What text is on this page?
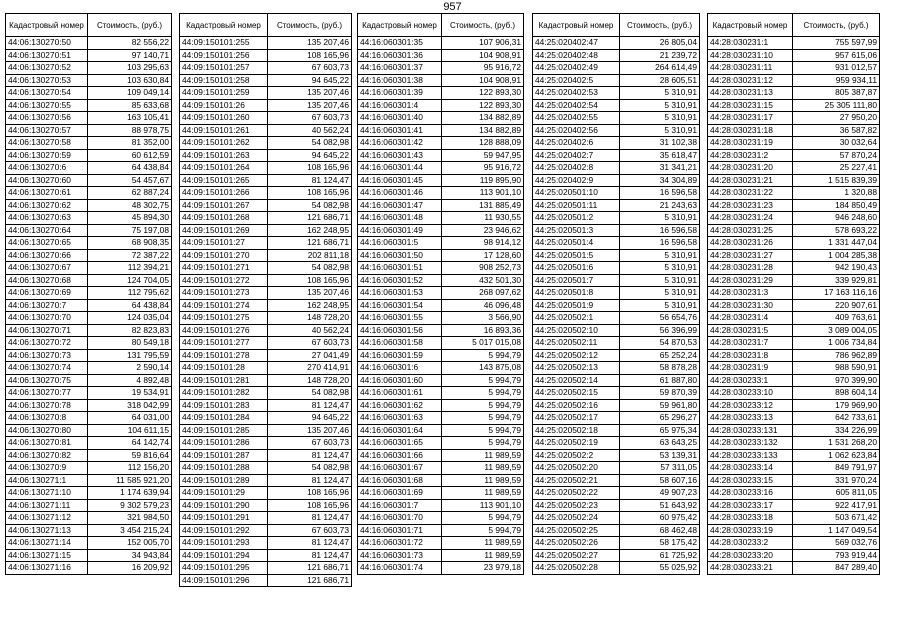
957
Кадастровый номер	Стоимость, (руб.)
44:06:130270:50	82 556,22
44:06:130270:51	97 140,71
44:06:130270:52	103 295,63
44:06:130270:53	103 630,84
44:06:130270:54	109 049,14
44:06:130270:55	85 633,68
44:06:130270:56	163 105,41
44:06:130270:57	88 978,75
44:06:130270:58	81 352,00
44:06:130270:59	60 612,59
44:06:130270:6	64 438,84
44:06:130270:60	54 457,67
44:06:130270:61	62 887,24
44:06:130270:62	48 302,75
44:06:130270:63	45 894,30
44:06:130270:64	75 197,08
44:06:130270:65	68 908,35
44:06:130270:66	72 387,22
44:06:130270:67	112 394,21
44:06:130270:68	124 704,05
44:06:130270:69	112 795,62
44:06:130270:7	64 438,84
44:06:130270:70	124 035,04
44:06:130270:71	82 823,83
44:06:130270:72	80 549,18
44:06:130270:73	131 795,59
44:06:130270:74	2 590,14
44:06:130270:75	4 892,48
44:06:130270:77	19 534,91
44:06:130270:78	318 042,99
44:06:130270:8	64 031,00
44:06:130270:80	104 611,15
44:06:130270:81	64 142,74
44:06:130270:82	59 816,64
44:06:130270:9	112 156,20
44:06:130271:1	11 585 921,20
44:06:130271:10	1 174 639,94
44:06:130271:11	9 302 579,23
44:06:130271:12	321 984,50
44:06:130271:13	3 454 215,24
44:06:130271:14	152 005,70
44:06:130271:15	34 943,84
44:06:130271:16	16 209,92
Кадастровый номер	Стоимость, (руб.)
44:09:150101:255	135 207,46
44:09:150101:256	108 165,96
44:09:150101:257	67 603,73
44:09:150101:258	94 645,22
44:09:150101:259	135 207,46
44:09:150101:26	135 207,46
44:09:150101:260	67 603,73
44:09:150101:261	40 562,24
44:09:150101:262	54 082,98
44:09:150101:263	94 645,22
44:09:150101:264	108 165,96
44:09:150101:265	81 124,47
44:09:150101:266	108 165,96
44:09:150101:267	54 082,98
44:09:150101:268	121 686,71
44:09:150101:269	162 248,95
44:09:150101:27	121 686,71
44:09:150101:270	202 811,18
44:09:150101:271	54 082,98
44:09:150101:272	108 165,96
44:09:150101:273	135 207,46
44:09:150101:274	162 248,95
44:09:150101:275	148 728,20
44:09:150101:276	40 562,24
44:09:150101:277	67 603,73
44:09:150101:278	27 041,49
44:09:150101:28	270 414,91
44:09:150101:281	148 728,20
44:09:150101:282	54 082,98
44:09:150101:283	81 124,47
44:09:150101:284	94 645,22
44:09:150101:285	135 207,46
44:09:150101:286	67 603,73
44:09:150101:287	81 124,47
44:09:150101:288	54 082,98
44:09:150101:289	81 124,47
44:09:150101:29	108 165,96
44:09:150101:290	108 165,96
44:09:150101:291	81 124,47
44:09:150101:292	67 603,73
44:09:150101:293	81 124,47
44:09:150101:294	81 124,47
44:09:150101:295	121 686,71
44:09:150101:296	121 686,71
Кадастровый номер	Стоимость, (руб.)
44:16:060301:35	107 906,31
44:16:060301:36	104 908,91
44:16:060301:37	95 916,72
44:16:060301:38	104 908,91
44:16:060301:39	122 893,30
44:16:060301:4	122 893,30
44:16:060301:40	134 882,89
44:16:060301:41	134 882,89
44:16:060301:42	128 888,09
44:16:060301:43	59 947,95
44:16:060301:44	95 916,72
44:16:060301:45	119 895,90
44:16:060301:46	113 901,10
44:16:060301:47	131 885,49
44:16:060301:48	11 930,55
44:16:060301:49	23 946,62
44:16:060301:5	98 914,12
44:16:060301:50	17 128,60
44:16:060301:51	908 252,73
44:16:060301:52	432 501,30
44:16:060301:53	268 097,62
44:16:060301:54	46 096,48
44:16:060301:55	3 566,90
44:16:060301:56	16 893,36
44:16:060301:58	5 017 015,08
44:16:060301:59	5 994,79
44:16:060301:6	143 875,08
44:16:060301:60	5 994,79
44:16:060301:61	5 994,79
44:16:060301:62	5 994,79
44:16:060301:63	5 994,79
44:16:060301:64	5 994,79
44:16:060301:65	5 994,79
44:16:060301:66	11 989,59
44:16:060301:67	11 989,59
44:16:060301:68	11 989,59
44:16:060301:69	11 989,59
44:16:060301:7	113 901,10
44:16:060301:70	5 994,79
44:16:060301:71	5 994,79
44:16:060301:72	11 989,59
44:16:060301:73	11 989,59
44:16:060301:74	23 979,18
Кадастровый номер	Стоимость, (руб.)
44:25:020402:47	26 805,04
44:25:020402:48	21 239,72
44:25:020402:49	264 614,49
44:25:020402:5	28 605,51
44:25:020402:53	5 310,91
44:25:020402:54	5 310,91
44:25:020402:55	5 310,91
44:25:020402:56	5 310,91
44:25:020402:6	31 102,38
44:25:020402:7	35 618,47
44:25:020402:8	31 341,21
44:25:020402:9	34 304,89
44:25:020501:10	16 596,58
44:25:020501:11	21 243,63
44:25:020501:2	5 310,91
44:25:020501:3	16 596,58
44:25:020501:4	16 596,58
44:25:020501:5	5 310,91
44:25:020501:6	5 310,91
44:25:020501:7	5 310,91
44:25:020501:8	5 310,91
44:25:020501:9	5 310,91
44:25:020502:1	56 654,76
44:25:020502:10	56 396,99
44:25:020502:11	54 870,53
44:25:020502:12	65 252,24
44:25:020502:13	58 878,28
44:25:020502:14	61 887,80
44:25:020502:15	59 870,39
44:25:020502:16	59 961,80
44:25:020502:17	65 296,27
44:25:020502:18	65 975,34
44:25:020502:19	63 643,25
44:25:020502:2	53 139,31
44:25:020502:20	57 311,05
44:25:020502:21	58 607,16
44:25:020502:22	49 907,23
44:25:020502:23	51 643,92
44:25:020502:24	60 975,42
44:25:020502:25	68 462,48
44:25:020502:26	58 175,42
44:25:020502:27	61 725,92
44:25:020502:28	55 025,92
Кадастровый номер	Стоимость, (руб.)
44:28:030231:1	755 597,99
44:28:030231:10	957 615,06
44:28:030231:11	931 012,57
44:28:030231:12	959 934,11
44:28:030231:13	805 387,87
44:28:030231:15	25 305 111,80
44:28:030231:17	27 950,20
44:28:030231:18	36 587,82
44:28:030231:19	30 032,64
44:28:030231:2	57 870,24
44:28:030231:20	25 227,41
44:28:030231:21	1 515 839,39
44:28:030231:22	1 320,88
44:28:030231:23	184 850,49
44:28:030231:24	946 248,60
44:28:030231:25	578 693,22
44:28:030231:26	1 331 447,04
44:28:030231:27	1 004 285,38
44:28:030231:28	942 190,43
44:28:030231:29	339 929,81
44:28:030231:3	17 163 116,16
44:28:030231:30	220 907,61
44:28:030231:4	409 763,61
44:28:030231:5	3 089 004,05
44:28:030231:7	1 006 734,84
44:28:030231:8	786 962,89
44:28:030231:9	988 590,91
44:28:030233:1	970 399,90
44:28:030233:10	898 604,14
44:28:030233:12	179 969,90
44:28:030233:13	642 733,61
44:28:030233:131	334 226,99
44:28:030233:132	1 531 268,20
44:28:030233:133	1 062 623,84
44:28:030233:14	849 791,97
44:28:030233:15	331 970,24
44:28:030233:16	605 811,05
44:28:030233:17	922 417,91
44:28:030233:18	503 671,42
44:28:030233:19	1 147 049,54
44:28:030233:2	569 032,76
44:28:030233:20	793 919,44
44:28:030233:21	847 289,40
